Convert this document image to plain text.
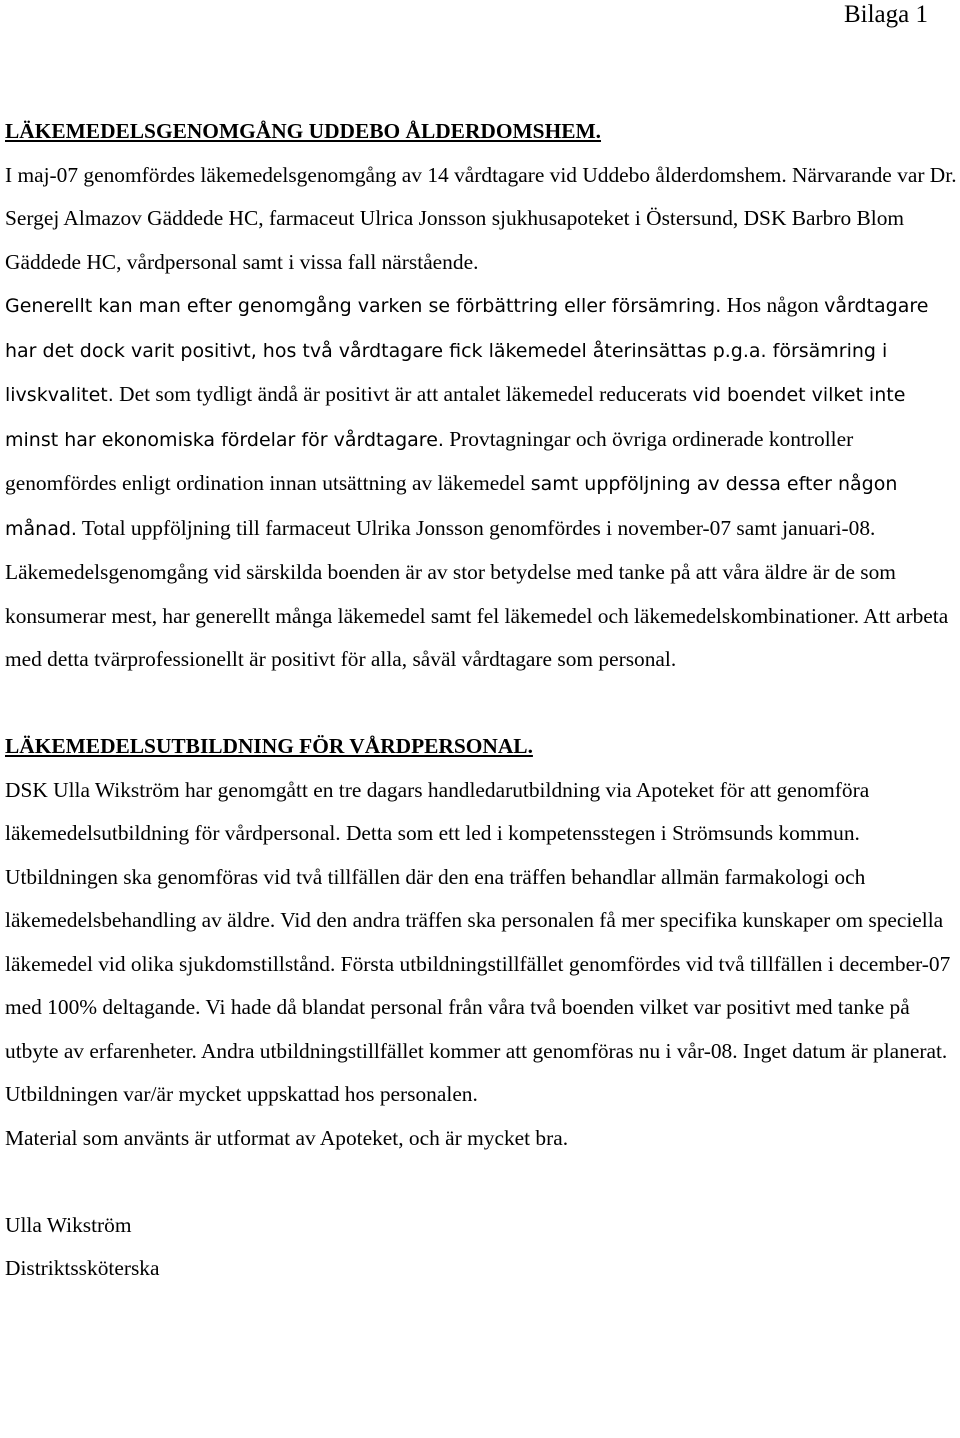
Bilaga 1

LÄKEMEDELSGENOMGÅNG UDDEBO ÅLDERDOMSHEM.

I maj-07 genomfördes läkemedelsgenomgång av 14 vårdtagare vid Uddebo ålderdomshem. Närvarande var Dr. Sergej Almazov Gäddede HC, farmaceut Ulrica Jonsson sjukhusapoteket i Östersund, DSK Barbro Blom Gäddede HC, vårdpersonal samt i vissa fall närstående.

Generellt kan man efter genomgång varken se förbättring eller försämring. Hos någon vårdtagare har det dock varit positivt, hos två vårdtagare fick läkemedel återinsättas p.g.a. försämring i livskvalitet. Det som tydligt ändå är positivt är att antalet läkemedel reducerats vid boendet vilket inte minst har ekonomiska fördelar för vårdtagare. Provtagningar och övriga ordinerade kontroller genomfördes enligt ordination innan utsättning av läkemedel samt uppföljning av dessa efter någon månad. Total uppföljning till farmaceut Ulrika Jonsson genomfördes i november-07 samt januari-08.

Läkemedelsgenomgång vid särskilda boenden är av stor betydelse med tanke på att våra äldre är de som konsumerar mest, har generellt många läkemedel samt fel läkemedel och läkemedelskombinationer. Att arbeta med detta tvärprofessionellt är positivt för alla, såväl vårdtagare som personal.

LÄKEMEDELSUTBILDNING FÖR VÅRDPERSONAL.

DSK Ulla Wikström har genomgått en tre dagars handledarutbildning via Apoteket för att genomföra läkemedelsutbildning för vårdpersonal. Detta som ett led i kompetensstegen i Strömsunds kommun. Utbildningen ska genomföras vid två tillfällen där den ena träffen behandlar allmän farmakologi och läkemedelsbehandling av äldre. Vid den andra träffen ska personalen få mer specifika kunskaper om speciella läkemedel vid olika sjukdomstillstånd. Första utbildningstillfället genomfördes vid två tillfällen i december-07 med 100% deltagande. Vi hade då blandat personal från våra två boenden vilket var positivt med tanke på utbyte av erfarenheter. Andra utbildningstillfället kommer att genomföras nu i vår-08. Inget datum är planerat. Utbildningen var/är mycket uppskattad hos personalen.

Material som använts är utformat av Apoteket, och är mycket bra.

Ulla Wikström

Distriktssköterska
